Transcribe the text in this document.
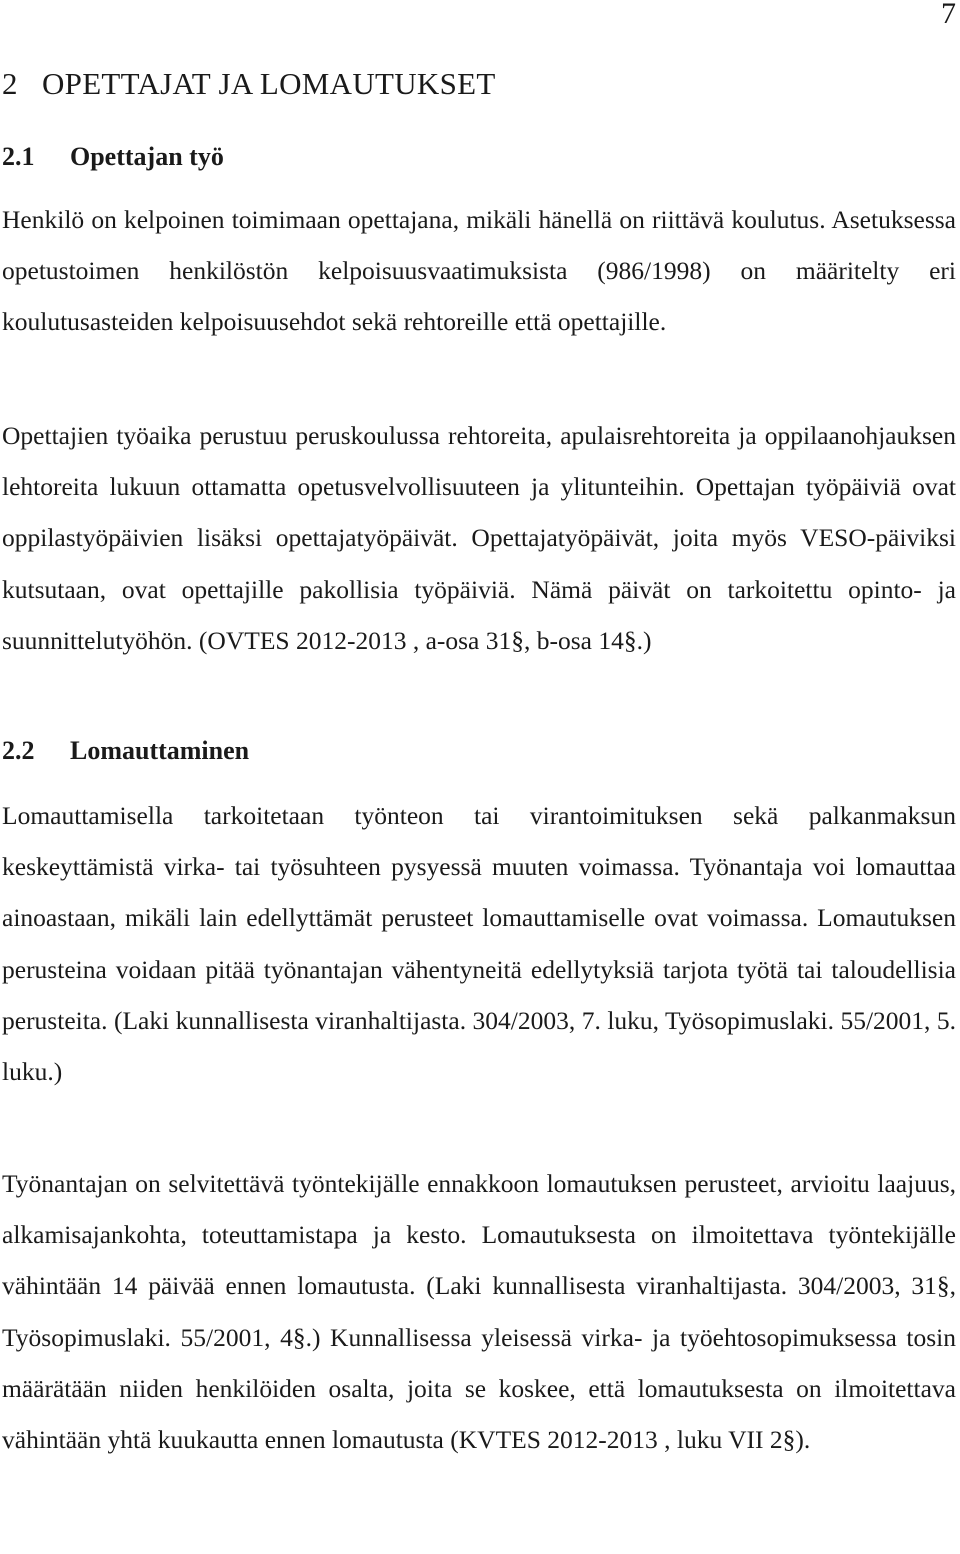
7
2 OPETTAJAT JA LOMAUTUKSET
2.1 Opettajan työ

Henkilö on kelpoinen toimimaan opettajana, mikäli hänellä on riittävä koulutus. Asetuksessa opetustoimen henkilöstön kelpoisuusvaatimuksista (986/1998) on määritelty eri koulutusasteiden kelpoisuusehdot sekä rehtoreille että opettajille.

Opettajien työaika perustuu peruskoulussa rehtoreita, apulaisrehtoreita ja oppilaanohjauksen lehtoreita lukuun ottamatta opetusvelvollisuuteen ja ylitunteihin. Opettajan työpäiviä ovat oppilastyöpäivien lisäksi opettajatyöpäivät. Opettajatyöpäivät, joita myös VESO-päiviksi kutsutaan, ovat opettajille pakollisia työpäiviä. Nämä päivät on tarkoitettu opinto- ja suunnittelutyöhön. (OVTES 2012-2013 , a-osa 31§, b-osa 14§.)

2.2 Lomauttaminen

Lomauttamisella tarkoitetaan työnteon tai virantoimituksen sekä palkanmaksun keskeyttämistä virka- tai työsuhteen pysyessä muuten voimassa. Työnantaja voi lomauttaa ainoastaan, mikäli lain edellyttämät perusteet lomauttamiselle ovat voimassa. Lomautuksen perusteina voidaan pitää työnantajan vähentyneitä edellytyksiä tarjota työtä tai taloudellisia perusteita. (Laki kunnallisesta viranhaltijasta. 304/2003, 7. luku, Työsopimuslaki. 55/2001, 5. luku.)

Työnantajan on selvitettävä työntekijälle ennakkoon lomautuksen perusteet, arvioitu laajuus, alkamisajankohta, toteuttamistapa ja kesto. Lomautuksesta on ilmoitettava työntekijälle vähintään 14 päivää ennen lomautusta. (Laki kunnallisesta viranhaltijasta. 304/2003, 31§, Työsopimuslaki. 55/2001, 4§.) Kunnallisessa yleisessä virka- ja työehtosopimuksessa tosin määrätään niiden henkilöiden osalta, joita se koskee, että lomautuksesta on ilmoitettava vähintään yhtä kuukautta ennen lomautusta (KVTES 2012-2013 , luku VII 2§).
